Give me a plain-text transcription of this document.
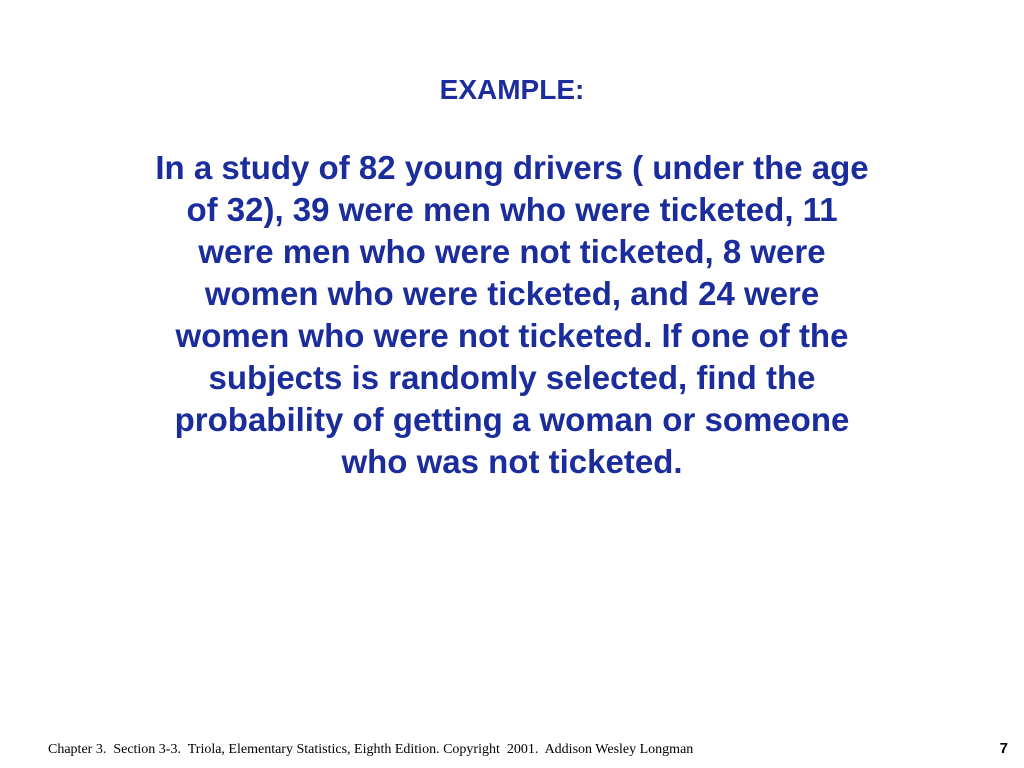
EXAMPLE:
In a study of 82 young drivers ( under the age
of 32), 39 were men who were ticketed, 11
were men who were not ticketed, 8 were
women who were ticketed, and 24 were
women who were not ticketed. If one of the
subjects is randomly selected, find the
probability of getting a woman or someone
who was not ticketed.
Chapter 3.  Section 3-3.  Triola, Elementary Statistics, Eighth Edition. Copyright  2001.  Addison Wesley Longman	7
